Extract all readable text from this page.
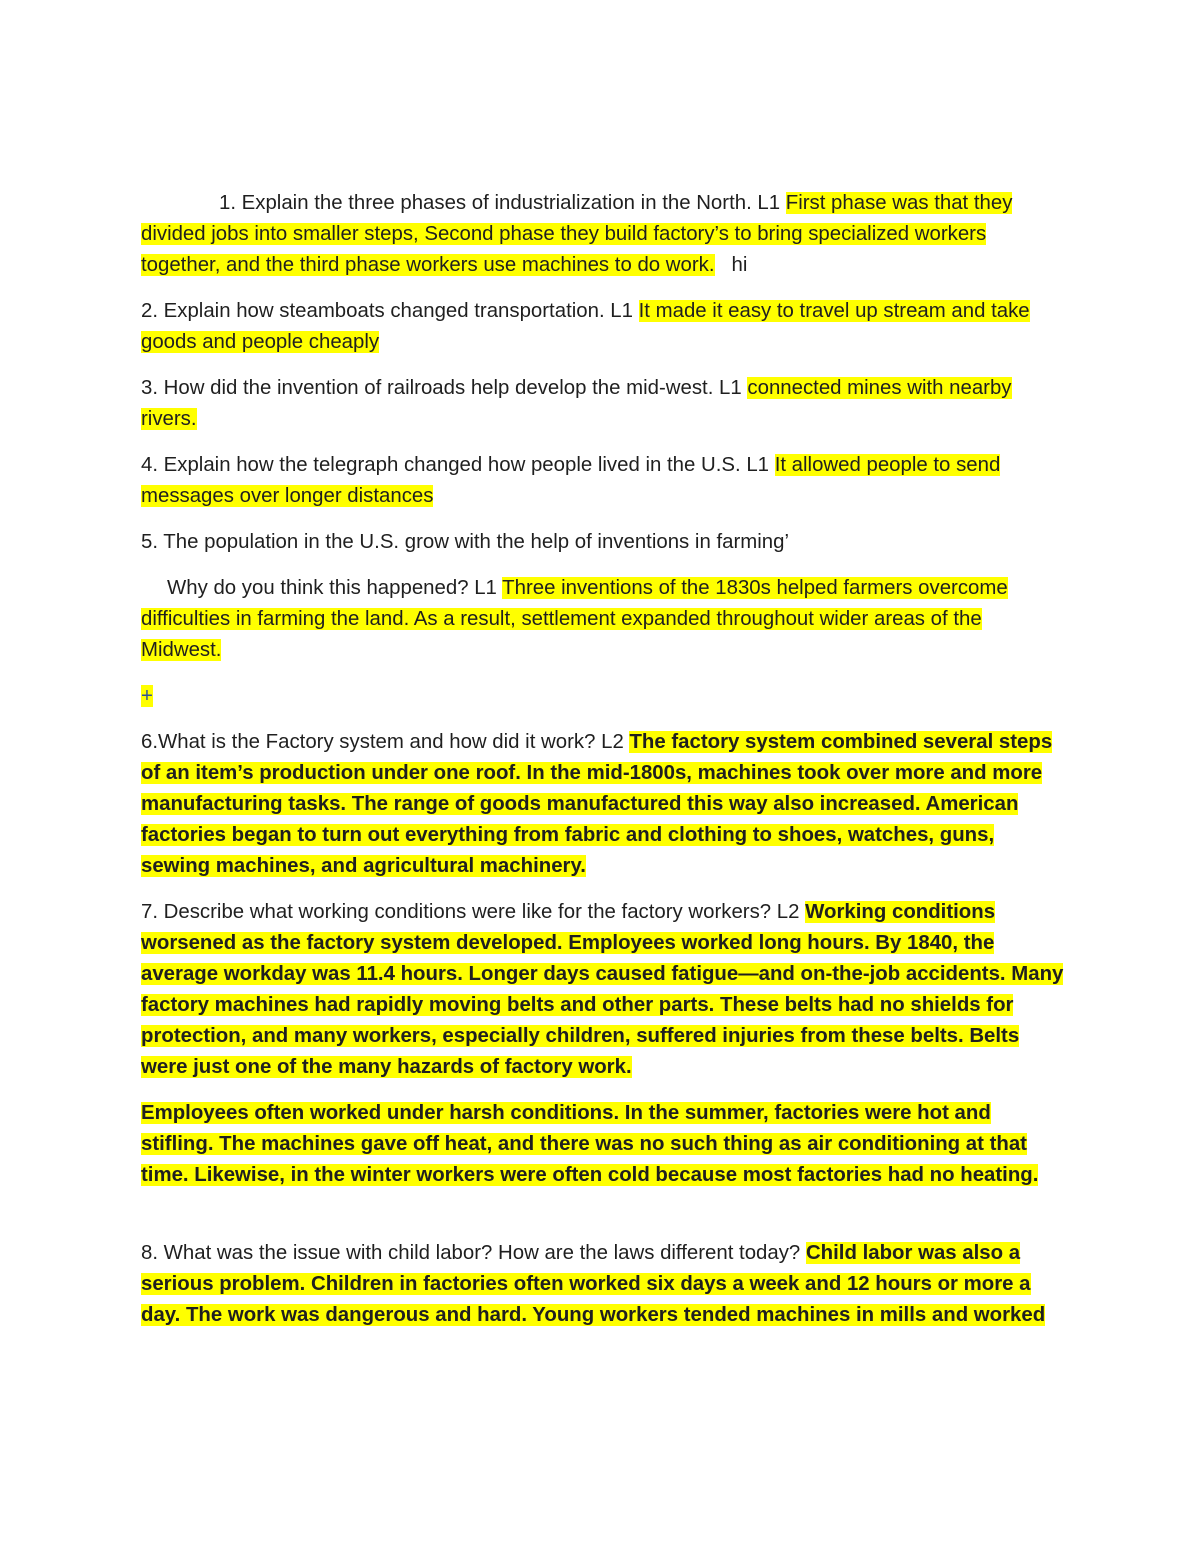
1. Explain the three phases of industrialization in the North. L1 First phase was that they divided jobs into smaller steps, Second phase they build factory’s to bring specialized workers together, and the third phase workers use machines to do work.   hi

2. Explain how steamboats changed transportation. L1 It made it easy to travel up stream and take goods and people cheaply

3. How did the invention of railroads help develop the mid-west. L1 connected mines with nearby rivers.

4. Explain how the telegraph changed how people lived in the U.S. L1 It allowed people to send messages over longer distances

5. The population in the U.S. grow with the help of inventions in farming’

Why do you think this happened? L1 Three inventions of the 1830s helped farmers overcome difficulties in farming the land. As a result, settlement expanded throughout wider areas of the Midwest.

+

6.What is the Factory system and how did it work? L2 The factory system combined several steps of an item’s production under one roof. In the mid-1800s, machines took over more and more manufacturing tasks. The range of goods manufactured this way also increased. American factories began to turn out everything from fabric and clothing to shoes, watches, guns, sewing machines, and agricultural machinery.

7. Describe what working conditions were like for the factory workers? L2 Working conditions worsened as the factory system developed. Employees worked long hours. By 1840, the average workday was 11.4 hours. Longer days caused fatigue—and on-the-job accidents. Many factory machines had rapidly moving belts and other parts. These belts had no shields for protection, and many workers, especially children, suffered injuries from these belts. Belts were just one of the many hazards of factory work.

Employees often worked under harsh conditions. In the summer, factories were hot and stifling. The machines gave off heat, and there was no such thing as air conditioning at that time. Likewise, in the winter workers were often cold because most factories had no heating.

8. What was the issue with child labor? How are the laws different today? Child labor was also a serious problem. Children in factories often worked six days a week and 12 hours or more a day. The work was dangerous and hard. Young workers tended machines in mills and worked
